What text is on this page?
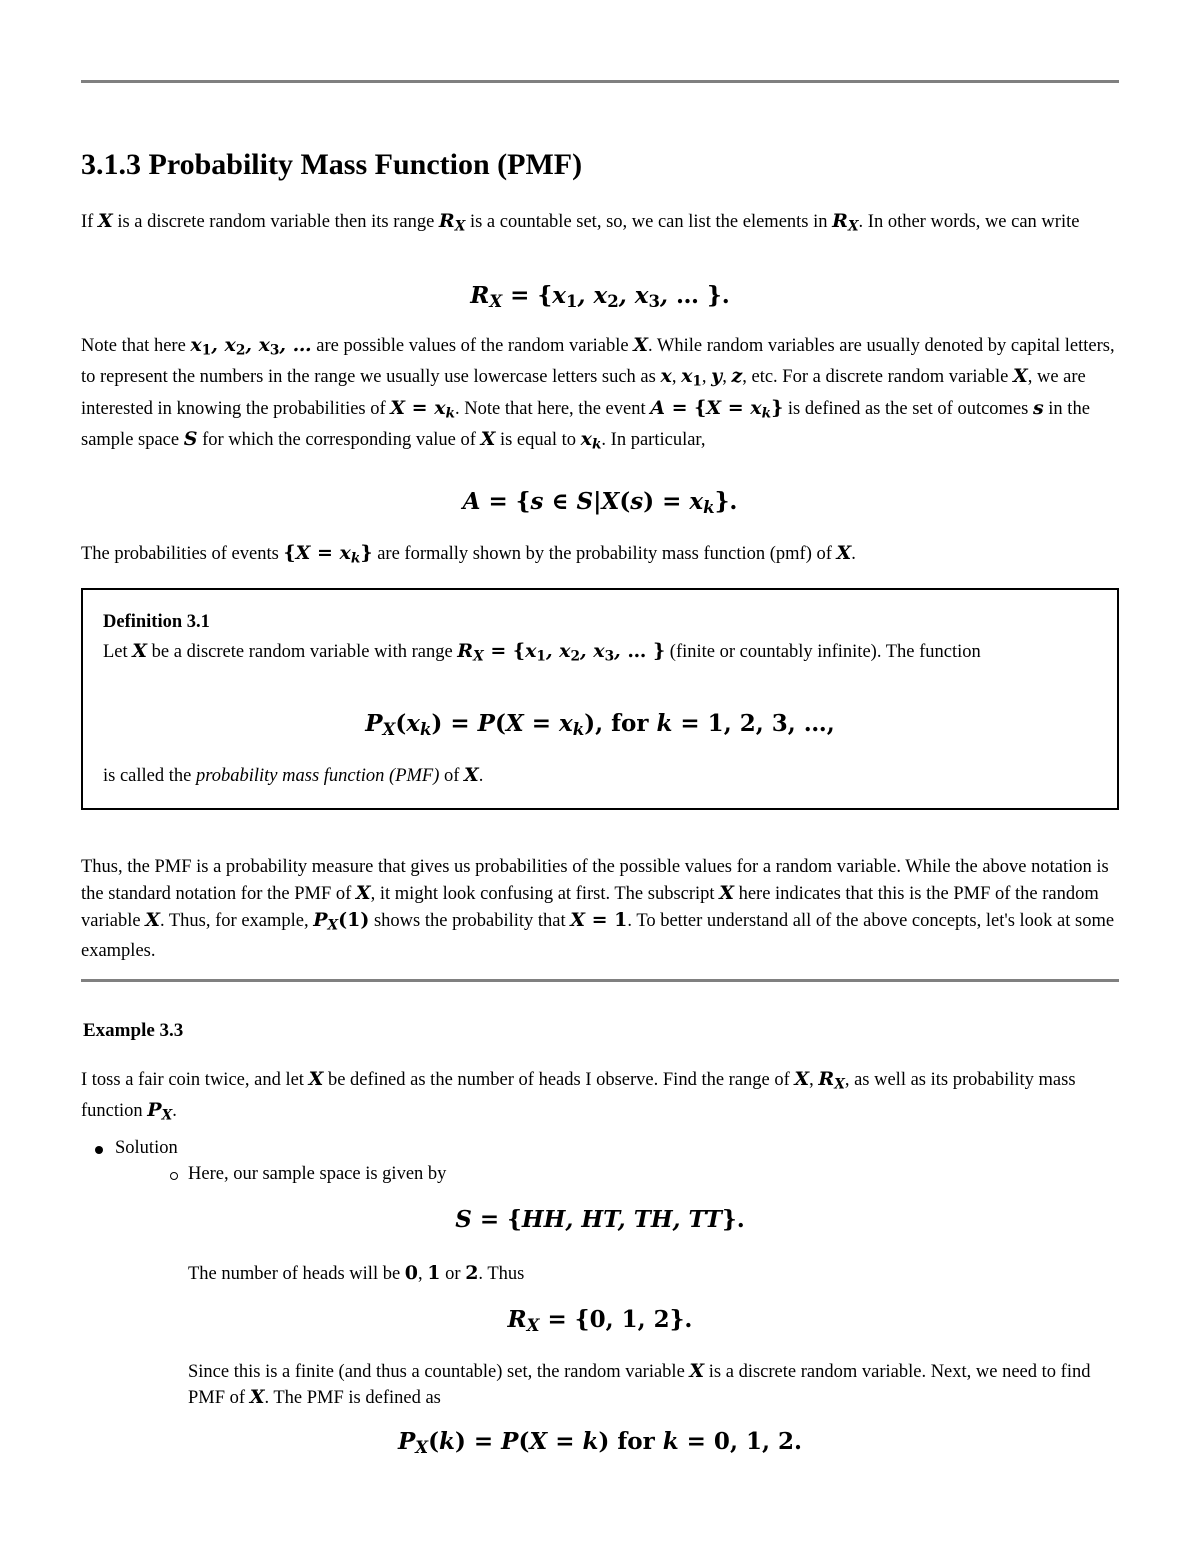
3.1.3 Probability Mass Function (PMF)

If X is a discrete random variable then its range $R_X$ is a countable set, so, we can list the elements in $R_X$. In other words, we can write

$R_X = \{x_1$, $x_2$, $x_3$, … }.

Note that here $x_1$, $x_2$, $x_3$, … are possible values of the random variable X. While random variables are usually denoted by capital letters, to represent the numbers in the range we usually use lowercase letters such as x, $x_1$, y, z, etc. For a discrete random variable X, we are interested in knowing the probabilities of $X = x_k$. Note that here, the event $A = \{X = x_k\}$ is defined as the set of outcomes s in the sample space S for which the corresponding value of X is equal to $x_k$. In particular,

A = {s ∈ $S|X(s) = x_k$}.

The probabilities of events $\{X = x_k\}$ are formally shown by the probability mass function (pmf) of X.

Definition 3.1
Let X be a discrete random variable with range $R_X = \{x_1$, $x_2$, $x_3$, … } (finite or countably infinite). The function
$P_X(x_k) = P(X = x_k)$, for k = 1, 2, 3, …,
is called the probability mass function (PMF) of X.

Thus, the PMF is a probability measure that gives us probabilities of the possible values for a random variable. While the above notation is the standard notation for the PMF of X, it might look confusing at first. The subscript X here indicates that this is the PMF of the random variable X. Thus, for example, $P_X(1)$ shows the probability that X = 1. To better understand all of the above concepts, let's look at some examples.

Example 3.3

I toss a fair coin twice, and let X be defined as the number of heads I observe. Find the range of X, $R_X$, as well as its probability mass function $P_X$.

Solution
Here, our sample space is given by
S = {HH, HT, TH, TT}.
The number of heads will be 0, 1 or 2. Thus
$R_X = \{0$, 1, 2}.
Since this is a finite (and thus a countable) set, the random variable X is a discrete random variable. Next, we need to find PMF of X. The PMF is defined as
$P_X(k) = P(X = k)$ for k = 0, 1, 2.
